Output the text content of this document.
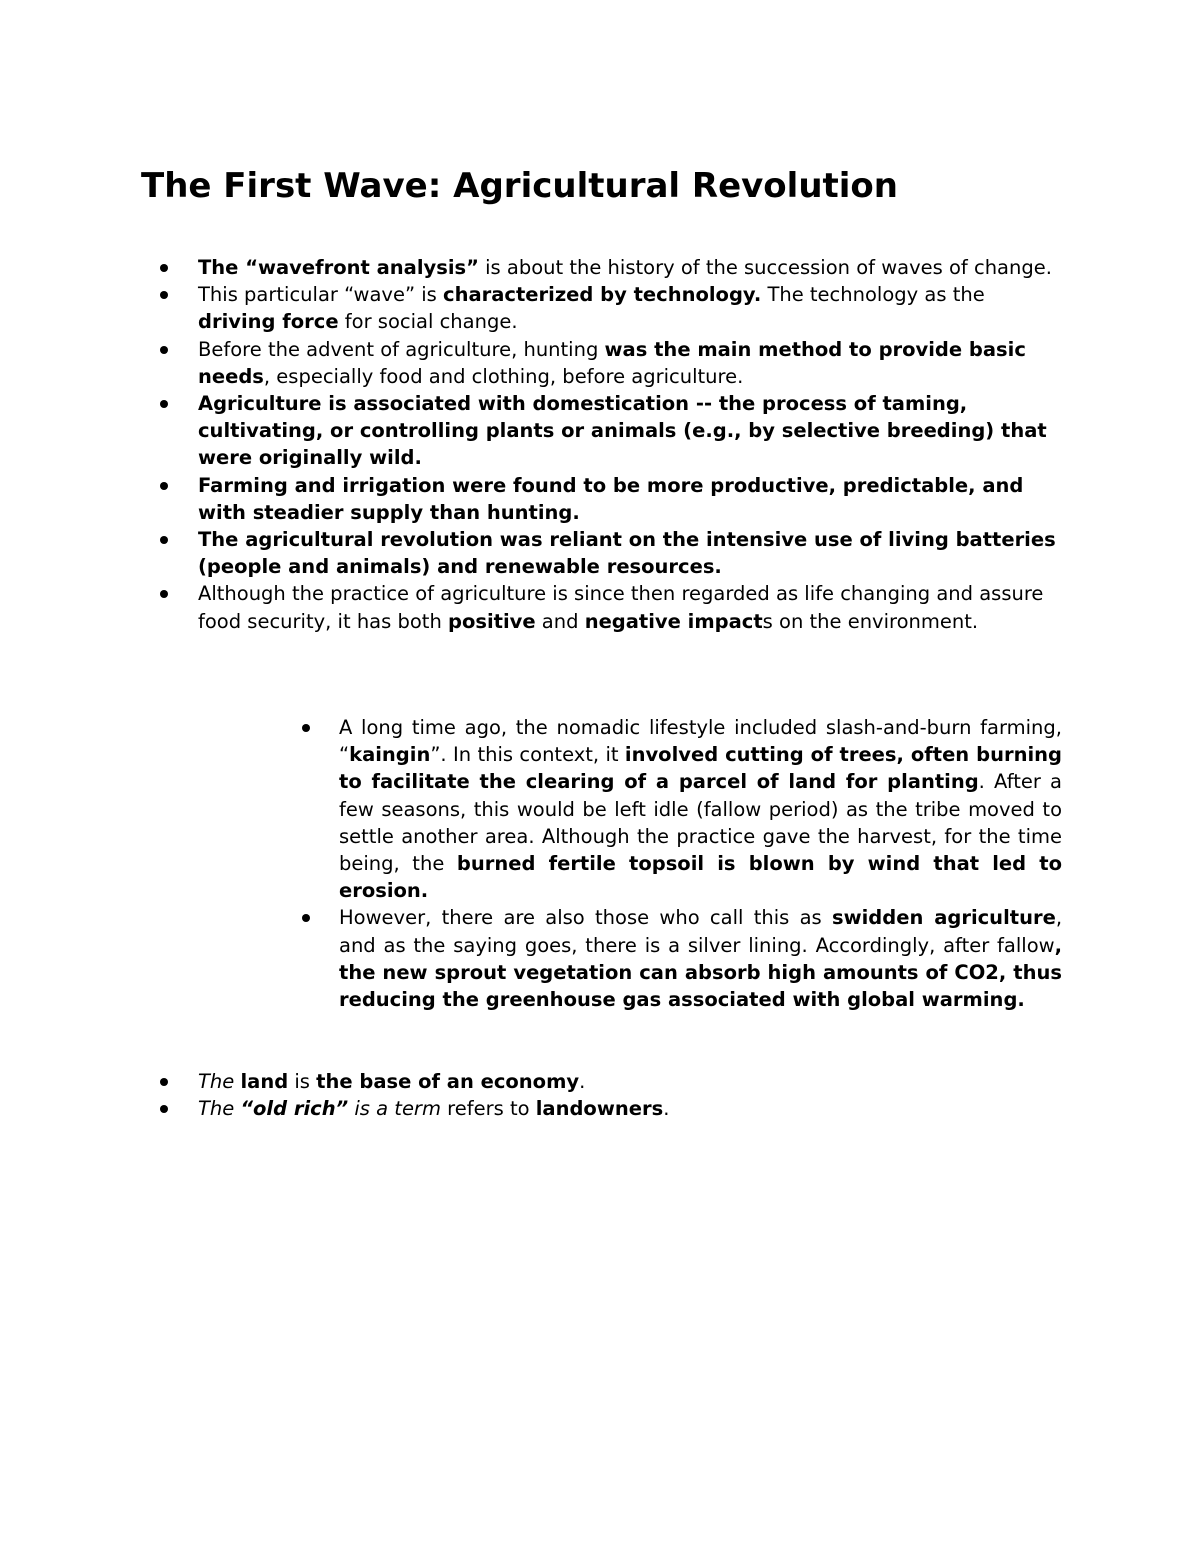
The First Wave: Agricultural Revolution
The “wavefront analysis” is about the history of the succession of waves of change.
This particular “wave” is characterized by technology. The technology as the driving force for social change.
Before the advent of agriculture, hunting was the main method to provide basic needs, especially food and clothing, before agriculture.
Agriculture is associated with domestication -- the process of taming, cultivating, or controlling plants or animals (e.g., by selective breeding) that were originally wild.
Farming and irrigation were found to be more productive, predictable, and with steadier supply than hunting.
The agricultural revolution was reliant on the intensive use of living batteries (people and animals) and renewable resources.
Although the practice of agriculture is since then regarded as life changing and assure food security, it has both positive and negative impacts on the environment.
A long time ago, the nomadic lifestyle included slash-and-burn farming, “kaingin”. In this context, it involved cutting of trees, often burning to facilitate the clearing of a parcel of land for planting. After a few seasons, this would be left idle (fallow period) as the tribe moved to settle another area. Although the practice gave the harvest, for the time being, the burned fertile topsoil is blown by wind that led to erosion.
However, there are also those who call this as swidden agriculture, and as the saying goes, there is a silver lining. Accordingly, after fallow, the new sprout vegetation can absorb high amounts of CO2, thus reducing the greenhouse gas associated with global warming.
The land is the base of an economy.
The “old rich” is a term refers to landowners.
